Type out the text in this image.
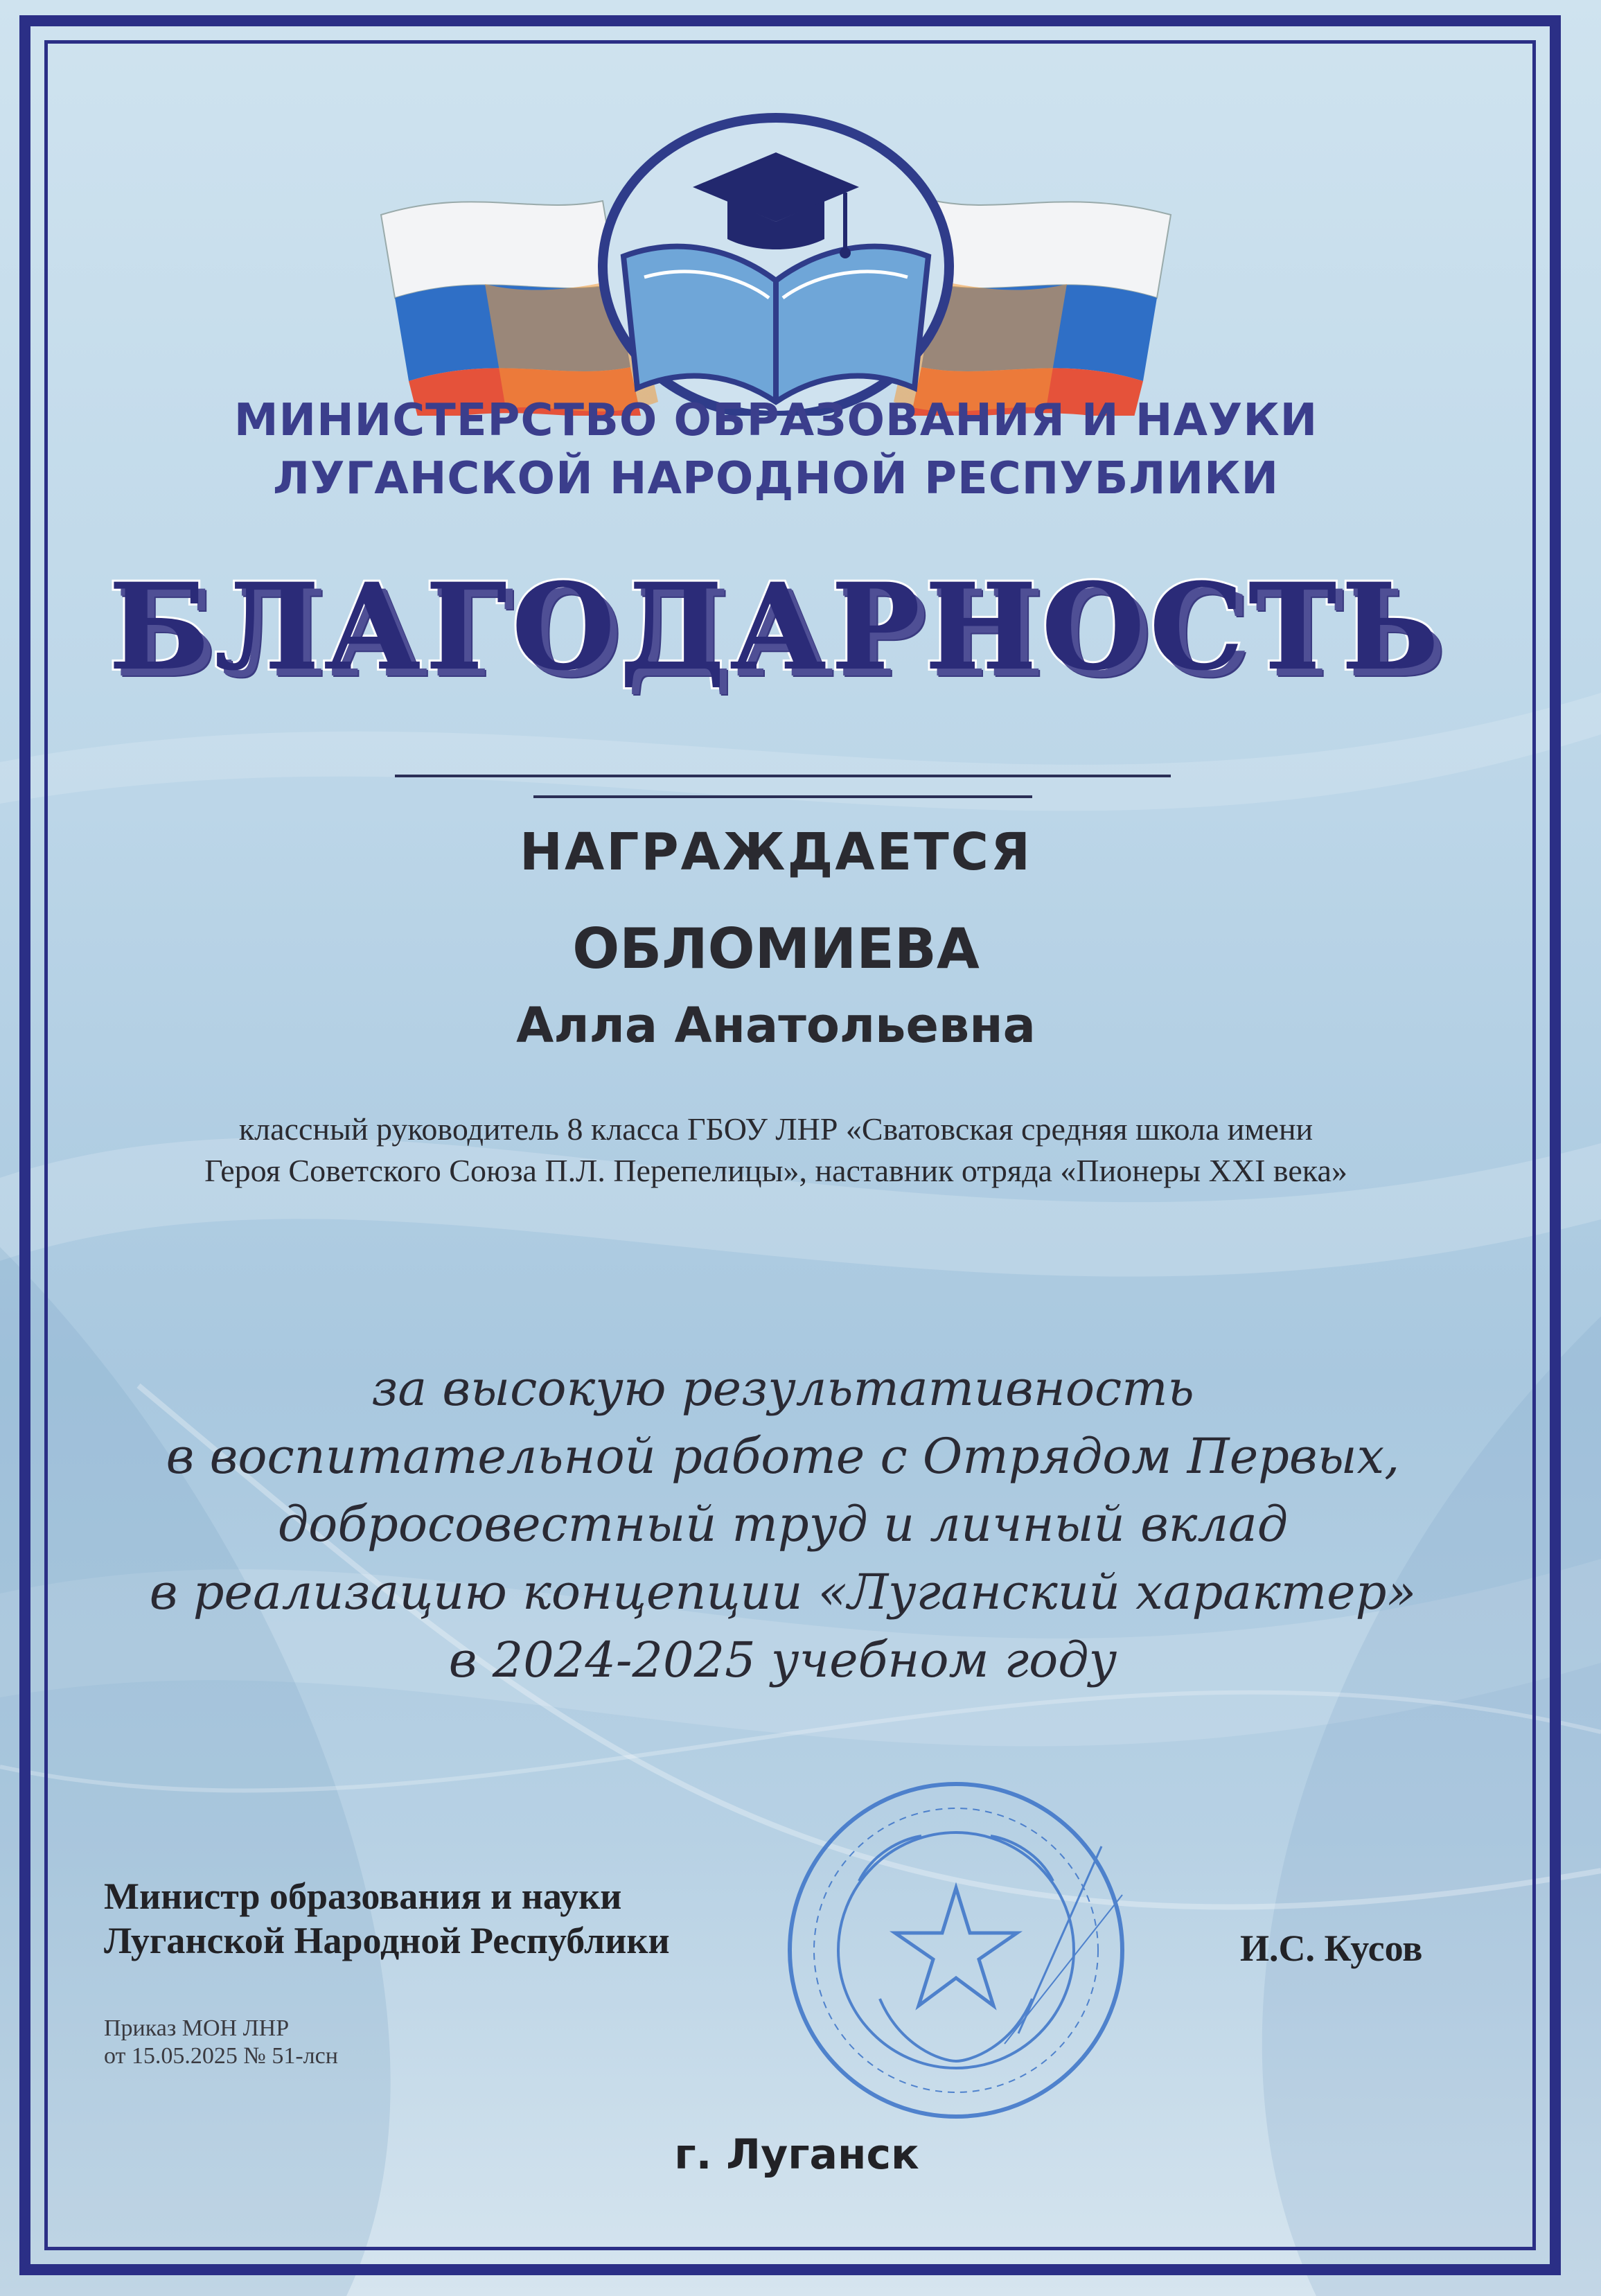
МИНИСТЕРСТВО ОБРАЗОВАНИЯ И НАУКИ
ЛУГАНСКОЙ НАРОДНОЙ РЕСПУБЛИКИ
БЛАГОДАРНОСТЬ
НАГРАЖДАЕТСЯ
ОБЛОМИЕВА
Алла Анатольевна
классный руководитель 8 класса ГБОУ ЛНР «Сватовская средняя школа имени
Героя Советского Союза П.Л. Перепелицы», наставник отряда «Пионеры XXI века»
за высокую результативность
в воспитательной работе с Отрядом Первых,
добросовестный труд и личный вклад
в реализацию концепции «Луганский характер»
в 2024-2025 учебном году
Министр образования и науки
Луганской Народной Республики	И.С. Кусов
Приказ МОН ЛНР
от 15.05.2025 № 51-лсн
г. Луганск
